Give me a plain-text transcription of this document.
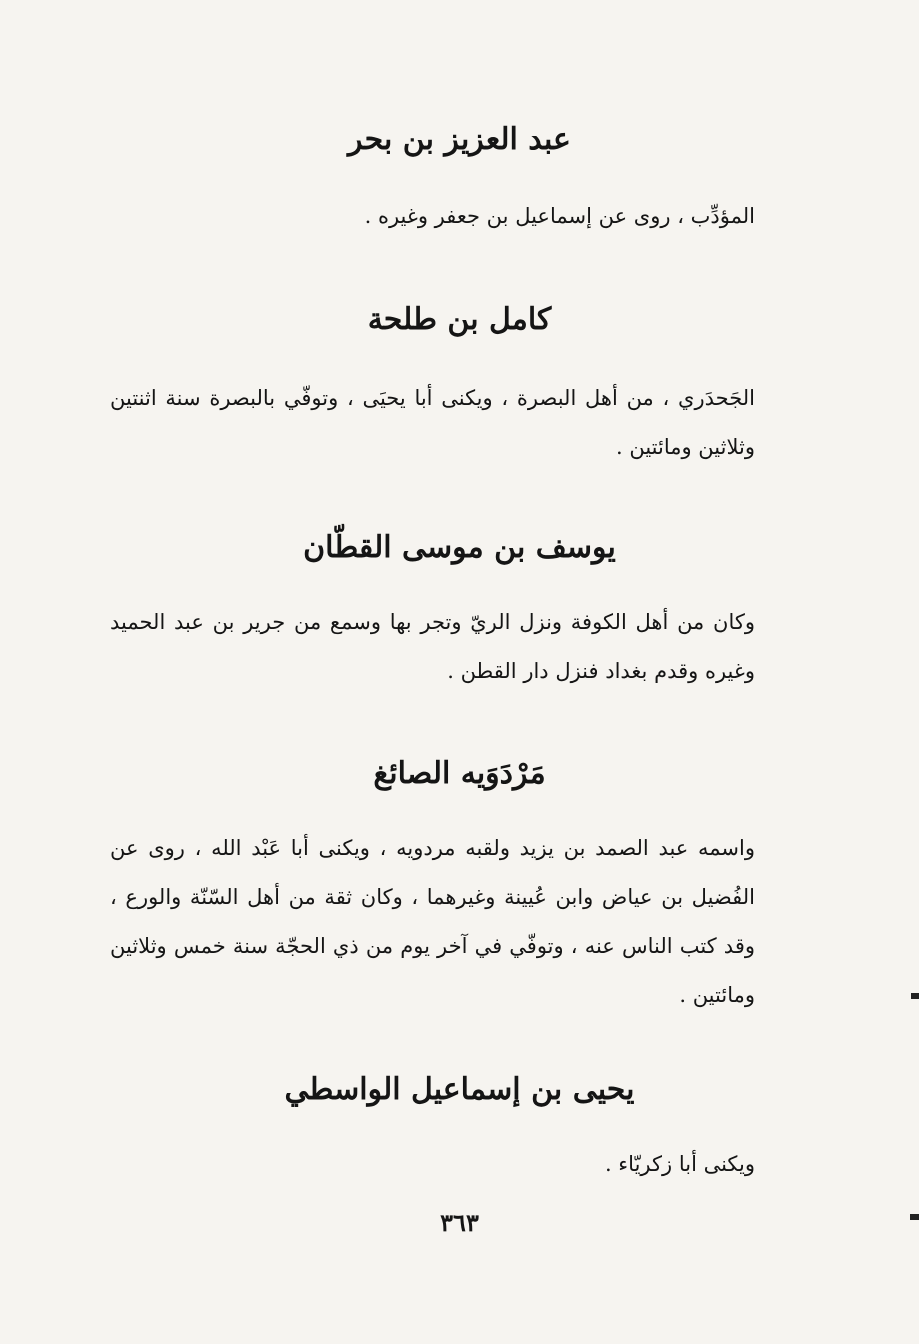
عبد العزيز بن بحر
المؤدِّب ، روى عن إسماعيل بن جعفر وغيره .
كامل بن طلحة
الجَحدَري ، من أهل البصرة ، ويكنى أبا يحيَى ، وتوفّي بالبصرة سنة اثنتين وثلاثين ومائتين .
يوسف بن موسى القطّان
وكان من أهل الكوفة ونزل الريّ وتجر بها وسمع من جرير بن عبد الحميد وغيره وقدم بغداد فنزل دار القطن .
مَرْدَوَيه الصائغ
واسمه عبد الصمد بن يزيد ولقبه مردويه ، ويكنى أبا عَبْد الله ، روى عن الفُضيل بن عياض وابن عُيينة وغيرهما ، وكان ثقة من أهل السّنّة والورع ، وقد كتب الناس عنه ، وتوفّي في آخر يوم من ذي الحجّة سنة خمس وثلاثين ومائتين .
يحيى بن إسماعيل الواسطي
ويكنى أبا زكريّاء .
٣٦٣
